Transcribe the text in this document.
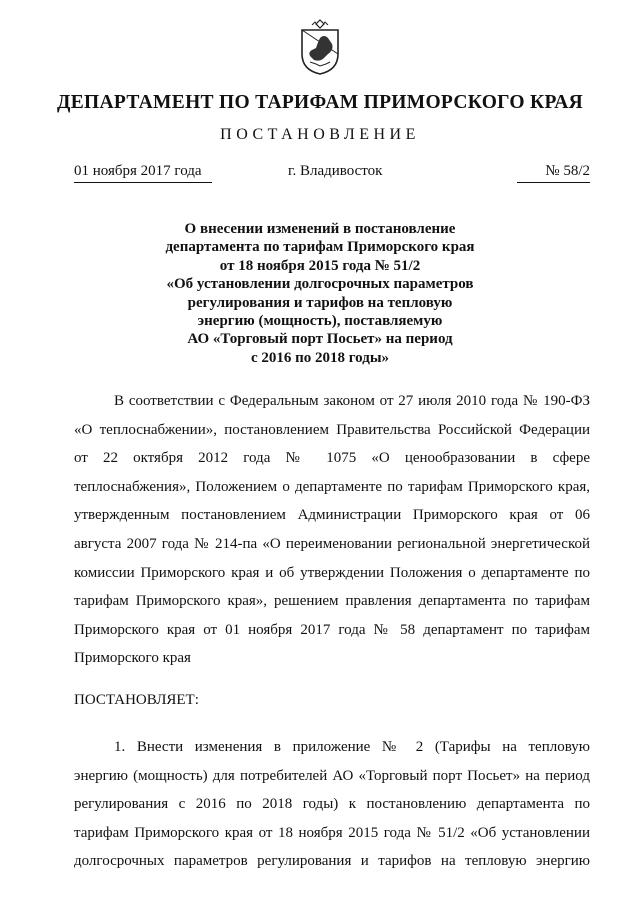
ДЕПАРТАМЕНТ ПО ТАРИФАМ ПРИМОРСКОГО КРАЯ
ПОСТАНОВЛЕНИЕ
01 ноября 2017 года	г. Владивосток	№ 58/2
О внесении изменений в постановление
департамента по тарифам Приморского края
от 18 ноября 2015 года № 51/2
«Об установлении долгосрочных параметров
регулирования и тарифов на тепловую
энергию (мощность), поставляемую
АО «Торговый порт Посьет» на период
с 2016 по 2018 годы»
В соответствии с Федеральным законом от 27 июля 2010 года № 190-ФЗ
«О теплоснабжении», постановлением Правительства Российской Федерации
от 22 октября 2012 года № 1075 «О ценообразовании в сфере
теплоснабжения», Положением о департаменте по тарифам Приморского края,
утвержденным постановлением Администрации Приморского края от 06
августа 2007 года № 214-па «О переименовании региональной энергетической
комиссии Приморского края и об утверждении Положения о департаменте по
тарифам Приморского края», решением правления департамента по тарифам
Приморского края от 01 ноября 2017 года № 58 департамент по тарифам
Приморского края
ПОСТАНОВЛЯЕТ:
1. Внести изменения в приложение № 2 (Тарифы на тепловую
энергию (мощность) для потребителей АО «Торговый порт Посьет» на период
регулирования с 2016 по 2018 годы) к постановлению департамента по
тарифам Приморского края от 18 ноября 2015 года № 51/2 «Об установлении
долгосрочных параметров регулирования и тарифов на тепловую энергию
